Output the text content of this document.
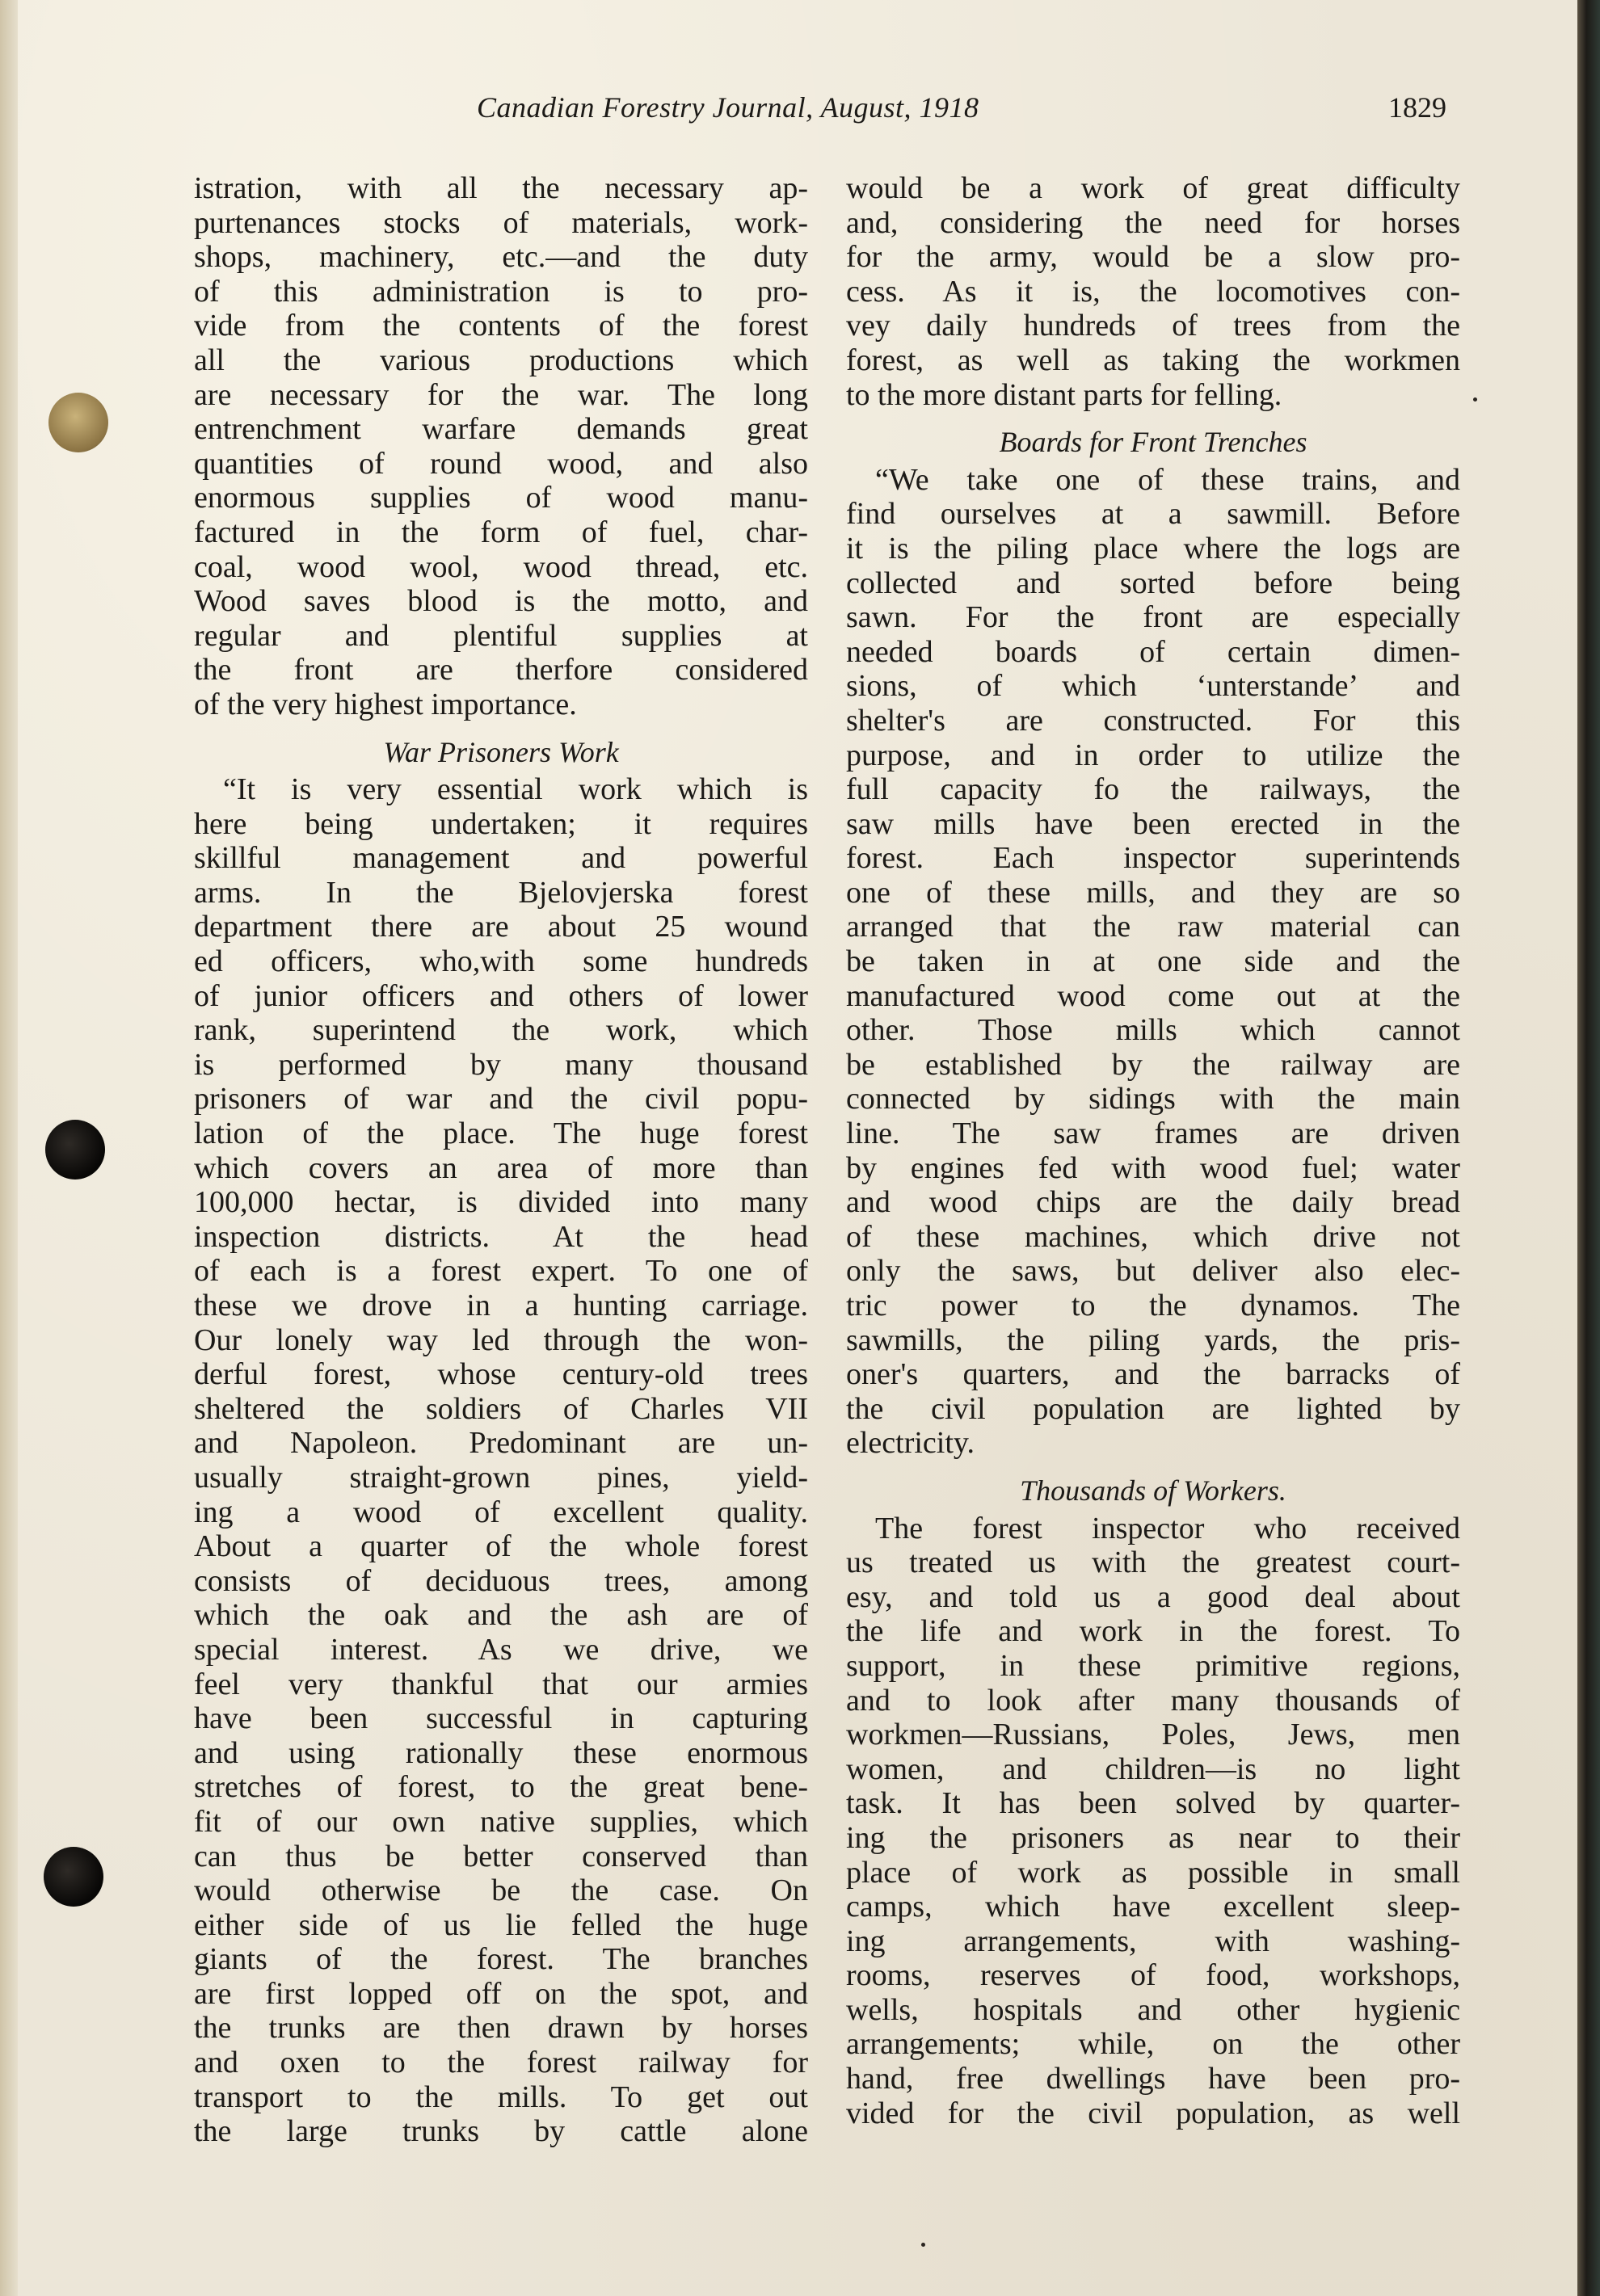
Canadian Forestry Journal, August, 1918	1829
istration, with all the necessary ap-
purtenances stocks of materials, work-
shops, machinery, etc.—and the duty
of this administration is to pro-
vide from the contents of the forest
all the various productions which
are necessary for the war. The long
entrenchment warfare demands great
quantities of round wood, and also
enormous supplies of wood manu-
factured in the form of fuel, char-
coal, wood wool, wood thread, etc.
Wood saves blood is the motto, and
regular and plentiful supplies at
the front are therfore considered
of the very highest importance.
War Prisoners Work
“It is very essential work which is
here being undertaken; it requires
skillful management and powerful
arms. In the Bjelovjerska forest
department there are about 25 wound
ed officers, who,with some hundreds
of junior officers and others of lower
rank, superintend the work, which
is performed by many thousand
prisoners of war and the civil popu-
lation of the place. The huge forest
which covers an area of more than
100,000 hectar, is divided into many
inspection districts. At the head
of each is a forest expert. To one of
these we drove in a hunting carriage.
Our lonely way led through the won-
derful forest, whose century-old trees
sheltered the soldiers of Charles VII
and Napoleon. Predominant are un-
usually straight-grown pines, yield-
ing a wood of excellent quality.
About a quarter of the whole forest
consists of deciduous trees, among
which the oak and the ash are of
special interest. As we drive, we
feel very thankful that our armies
have been successful in capturing
and using rationally these enormous
stretches of forest, to the great bene-
fit of our own native supplies, which
can thus be better conserved than
would otherwise be the case. On
either side of us lie felled the huge
giants of the forest. The branches
are first lopped off on the spot, and
the trunks are then drawn by horses
and oxen to the forest railway for
transport to the mills. To get out
the large trunks by cattle alone
would be a work of great difficulty
and, considering the need for horses
for the army, would be a slow pro-
cess. As it is, the locomotives con-
vey daily hundreds of trees from the
forest, as well as taking the workmen
to the more distant parts for felling.
Boards for Front Trenches
“We take one of these trains, and
find ourselves at a sawmill. Before
it is the piling place where the logs are
collected and sorted before being
sawn. For the front are especially
needed boards of certain dimen-
sions, of which ‘unterstande’ and
shelter's are constructed. For this
purpose, and in order to utilize the
full capacity fo the railways, the
saw mills have been erected in the
forest. Each inspector superintends
one of these mills, and they are so
arranged that the raw material can
be taken in at one side and the
manufactured wood come out at the
other. Those mills which cannot
be established by the railway are
connected by sidings with the main
line. The saw frames are driven
by engines fed with wood fuel; water
and wood chips are the daily bread
of these machines, which drive not
only the saws, but deliver also elec-
tric power to the dynamos. The
sawmills, the piling yards, the pris-
oner's quarters, and the barracks of
the civil population are lighted by
electricity.
Thousands of Workers.
The forest inspector who received
us treated us with the greatest court-
esy, and told us a good deal about
the life and work in the forest. To
support, in these primitive regions,
and to look after many thousands of
workmen—Russians, Poles, Jews, men
women, and children—is no light
task. It has been solved by quarter-
ing the prisoners as near to their
place of work as possible in small
camps, which have excellent sleep-
ing arrangements, with washing-
rooms, reserves of food, workshops,
wells, hospitals and other hygienic
arrangements; while, on the other
hand, free dwellings have been pro-
vided for the civil population, as well
